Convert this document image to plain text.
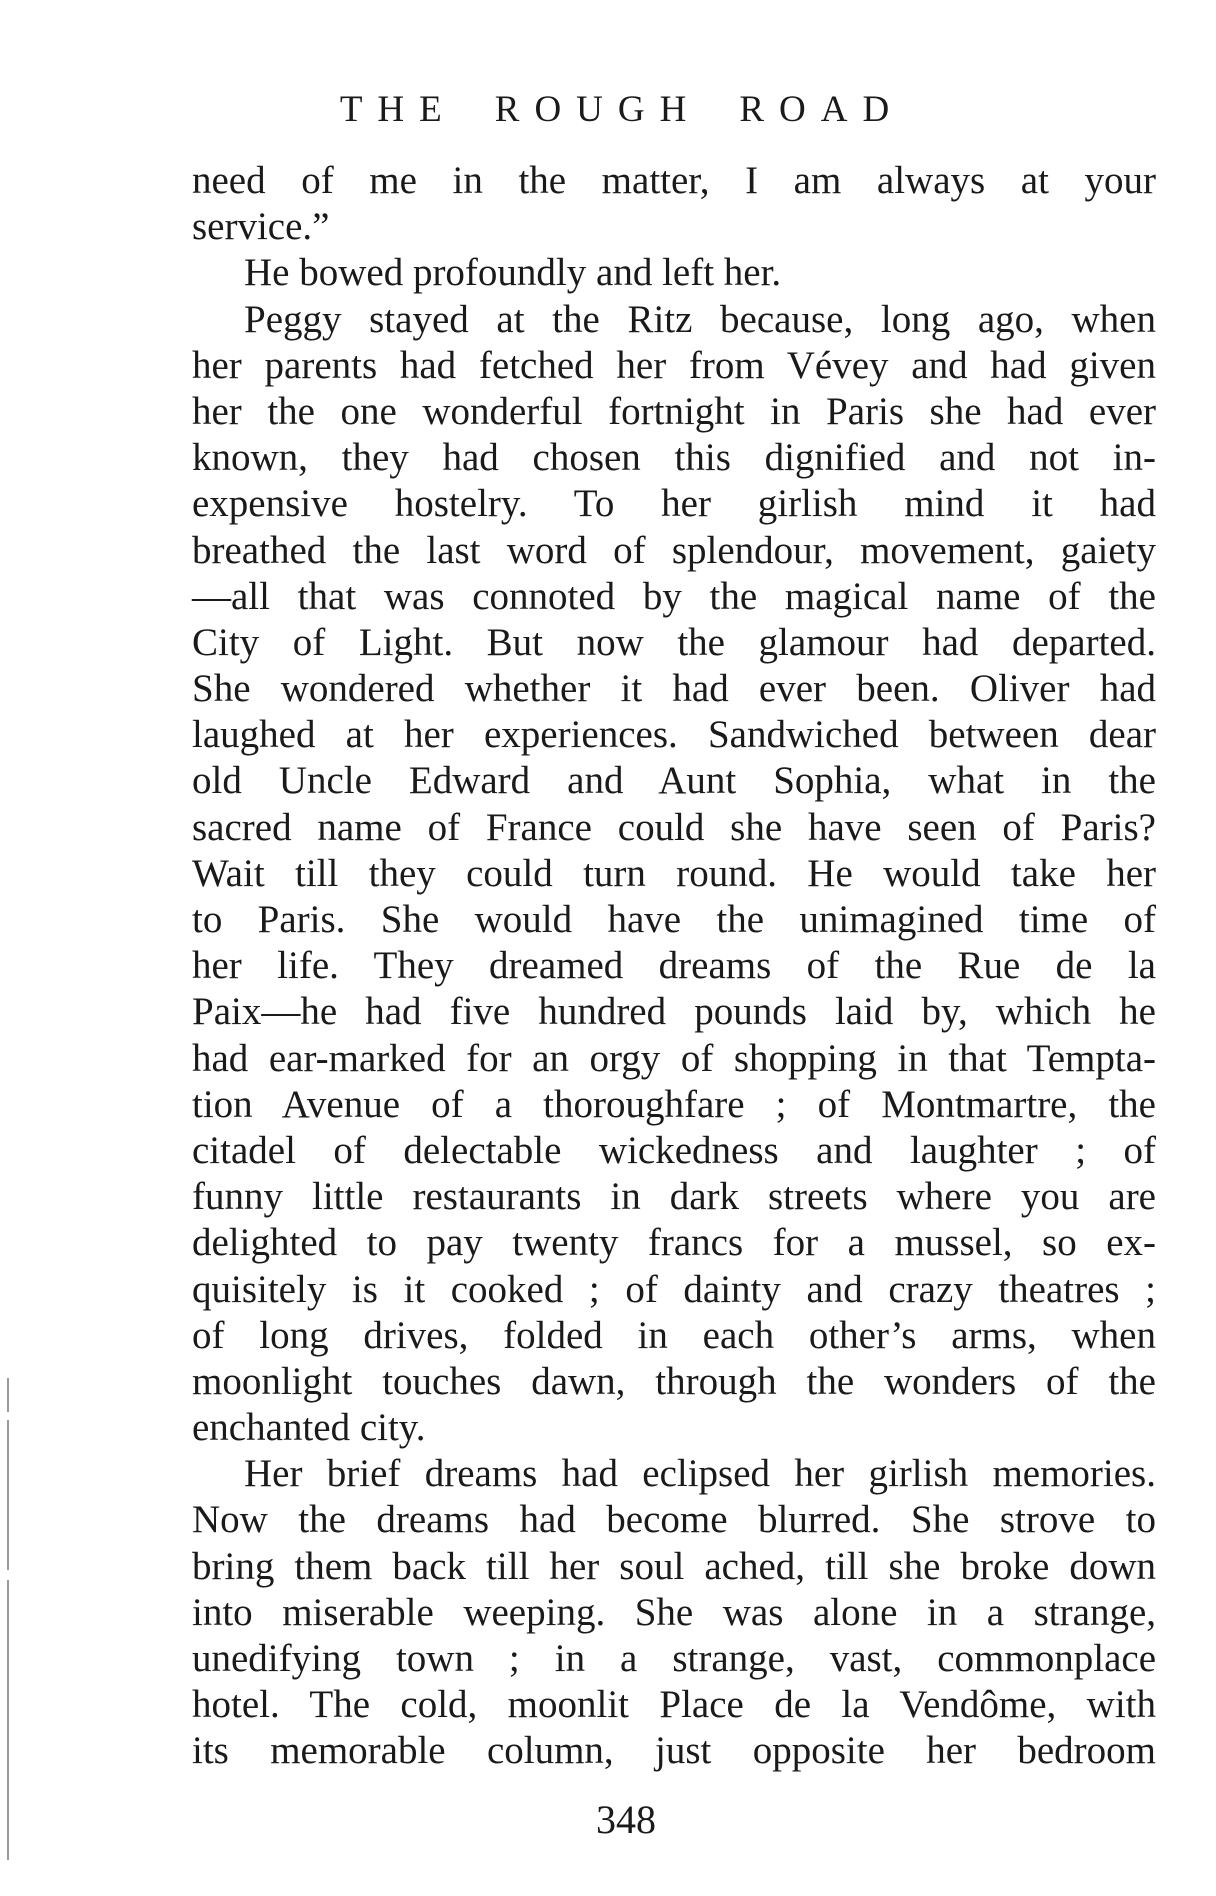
THE ROUGH ROAD
need of me in the matter, I am always at your
service.”
He bowed profoundly and left her.
Peggy stayed at the Ritz because, long ago, when
her parents had fetched her from Vévey and had given
her the one wonderful fortnight in Paris she had ever
known, they had chosen this dignified and not in-
expensive hostelry. To her girlish mind it had
breathed the last word of splendour, movement, gaiety
—all that was connoted by the magical name of the
City of Light. But now the glamour had departed.
She wondered whether it had ever been. Oliver had
laughed at her experiences. Sandwiched between dear
old Uncle Edward and Aunt Sophia, what in the
sacred name of France could she have seen of Paris?
Wait till they could turn round. He would take her
to Paris. She would have the unimagined time of
her life. They dreamed dreams of the Rue de la
Paix—he had five hundred pounds laid by, which he
had ear-marked for an orgy of shopping in that Tempta-
tion Avenue of a thoroughfare ; of Montmartre, the
citadel of delectable wickedness and laughter ; of
funny little restaurants in dark streets where you are
delighted to pay twenty francs for a mussel, so ex-
quisitely is it cooked ; of dainty and crazy theatres ;
of long drives, folded in each other’s arms, when
moonlight touches dawn, through the wonders of the
enchanted city.
Her brief dreams had eclipsed her girlish memories.
Now the dreams had become blurred. She strove to
bring them back till her soul ached, till she broke down
into miserable weeping. She was alone in a strange,
unedifying town ; in a strange, vast, commonplace
hotel. The cold, moonlit Place de la Vendôme, with
its memorable column, just opposite her bedroom
348
